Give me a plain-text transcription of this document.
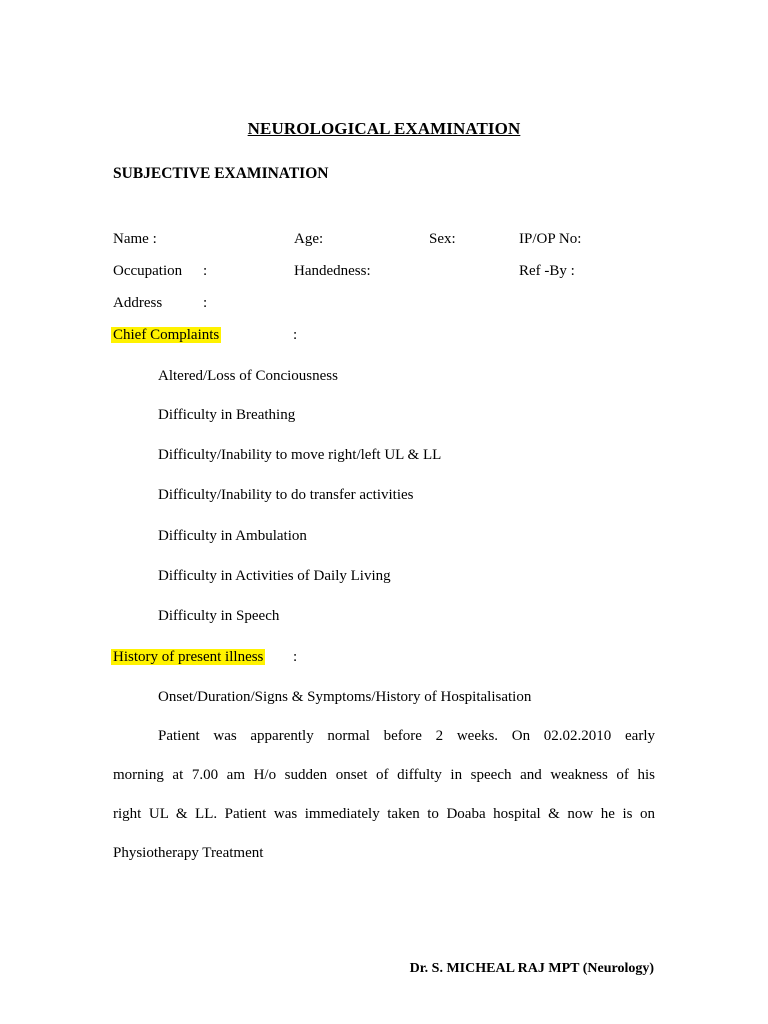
NEUROLOGICAL EXAMINATION
SUBJECTIVE EXAMINATION
Name :	Age:	Sex:	IP/OP No:
Occupation :	Handedness:	Ref -By :
Address	:
Chief Complaints	:
Altered/Loss of Conciousness
Difficulty in Breathing
Difficulty/Inability to move right/left UL & LL
Difficulty/Inability to do transfer activities
Difficulty in Ambulation
Difficulty in Activities of Daily Living
Difficulty in Speech
History of present illness :
Onset/Duration/Signs & Symptoms/History of Hospitalisation
Patient was apparently normal before 2 weeks. On 02.02.2010 early
morning at 7.00 am H/o sudden onset of diffulty in speech and weakness of his
right UL & LL. Patient was immediately taken to Doaba hospital & now he is on
Physiotherapy Treatment
Dr. S. MICHEAL RAJ MPT (Neurology)
